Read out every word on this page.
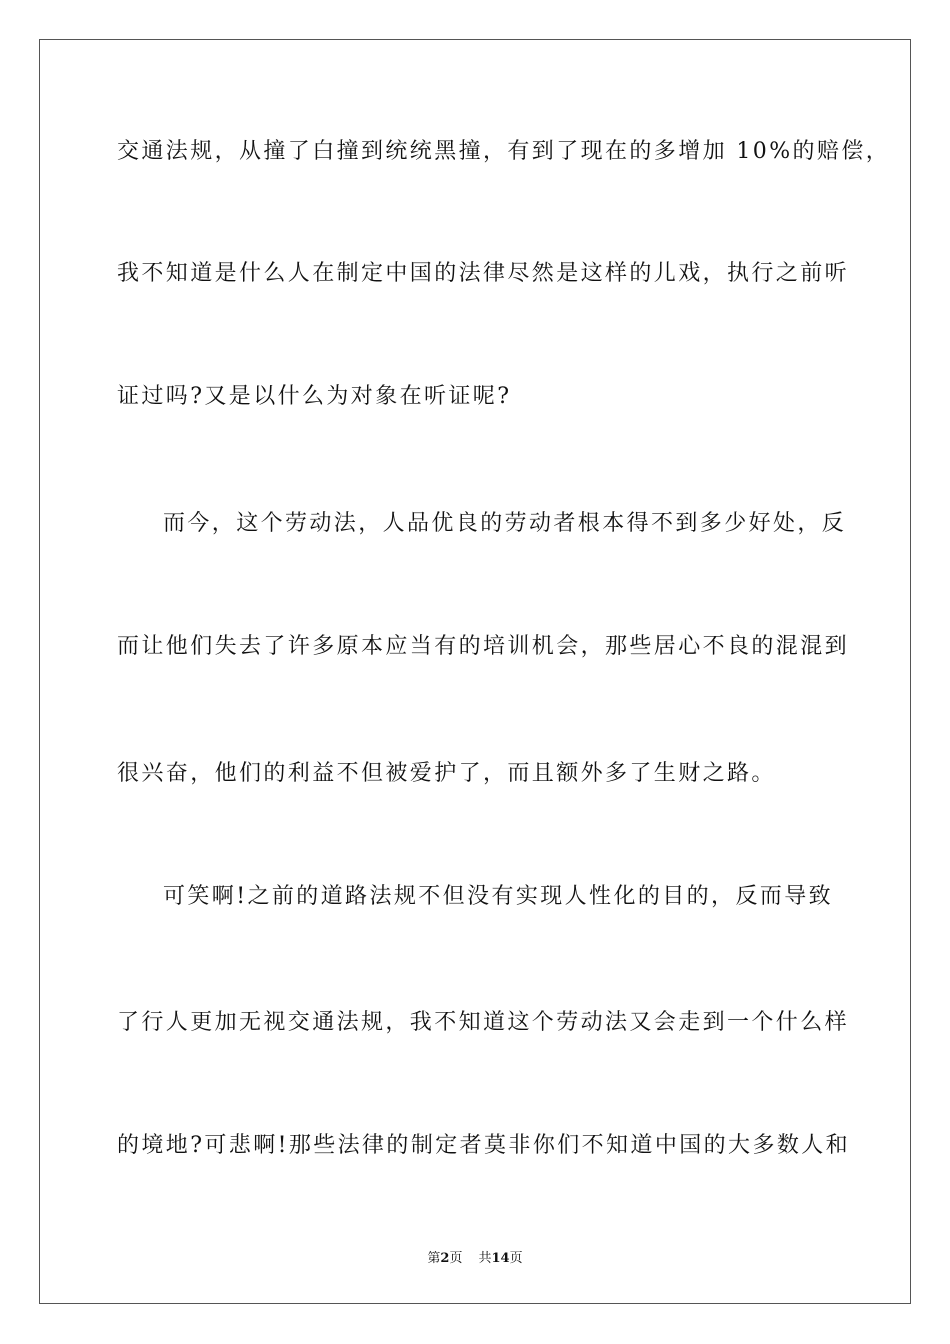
交通法规，从撞了白撞到统统黑撞，有到了现在的多增加 10%的赔偿，
我不知道是什么人在制定中国的法律尽然是这样的儿戏，执行之前听
证过吗?又是以什么为对象在听证呢?
而今，这个劳动法，人品优良的劳动者根本得不到多少好处，反
而让他们失去了许多原本应当有的培训机会，那些居心不良的混混到
很兴奋，他们的利益不但被爱护了，而且额外多了生财之路。
可笑啊!之前的道路法规不但没有实现人性化的目的，反而导致
了行人更加无视交通法规，我不知道这个劳动法又会走到一个什么样
的境地?可悲啊!那些法律的制定者莫非你们不知道中国的大多数人和
第2页 共14页
